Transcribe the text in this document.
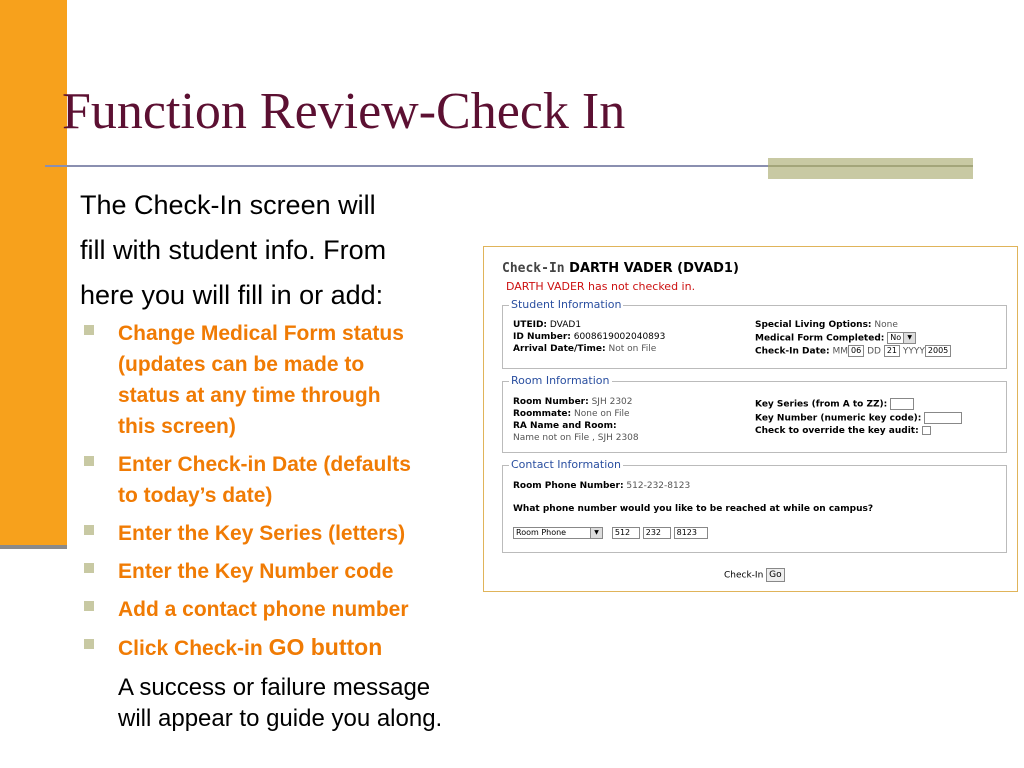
Function Review-Check In
The Check-In screen will
fill with student info. From
here you will fill in or add:
Change Medical Form status
(updates can be made to
status at any time through
this screen)
Enter Check-in Date (defaults
to today’s date)
Enter the Key Series (letters)
Enter the Key Number code
Add a contact phone number
Click Check-in GO button
A success or failure message
will appear to guide you along.
Check-In DARTH VADER (DVAD1)
DARTH VADER has not checked in.
Student Information
UTEID: DVAD1
ID Number: 6008619002040893
Arrival Date/Time: Not on File
Special Living Options: None
Medical Form Completed: No	▼
Check-In Date: MM 06 DD 21 YYYY 2005
Room Information
Room Number: SJH 2302
Roommate: None on File
RA Name and Room:
Name not on File , SJH 2308
Key Series (from A to ZZ):
Key Number (numeric key code):
Check to override the key audit:
Contact Information
Room Phone Number: 512-232-8123
What phone number would you like to be reached at while on campus?
Room Phone	▼	512 232 8123
Check-In Go
